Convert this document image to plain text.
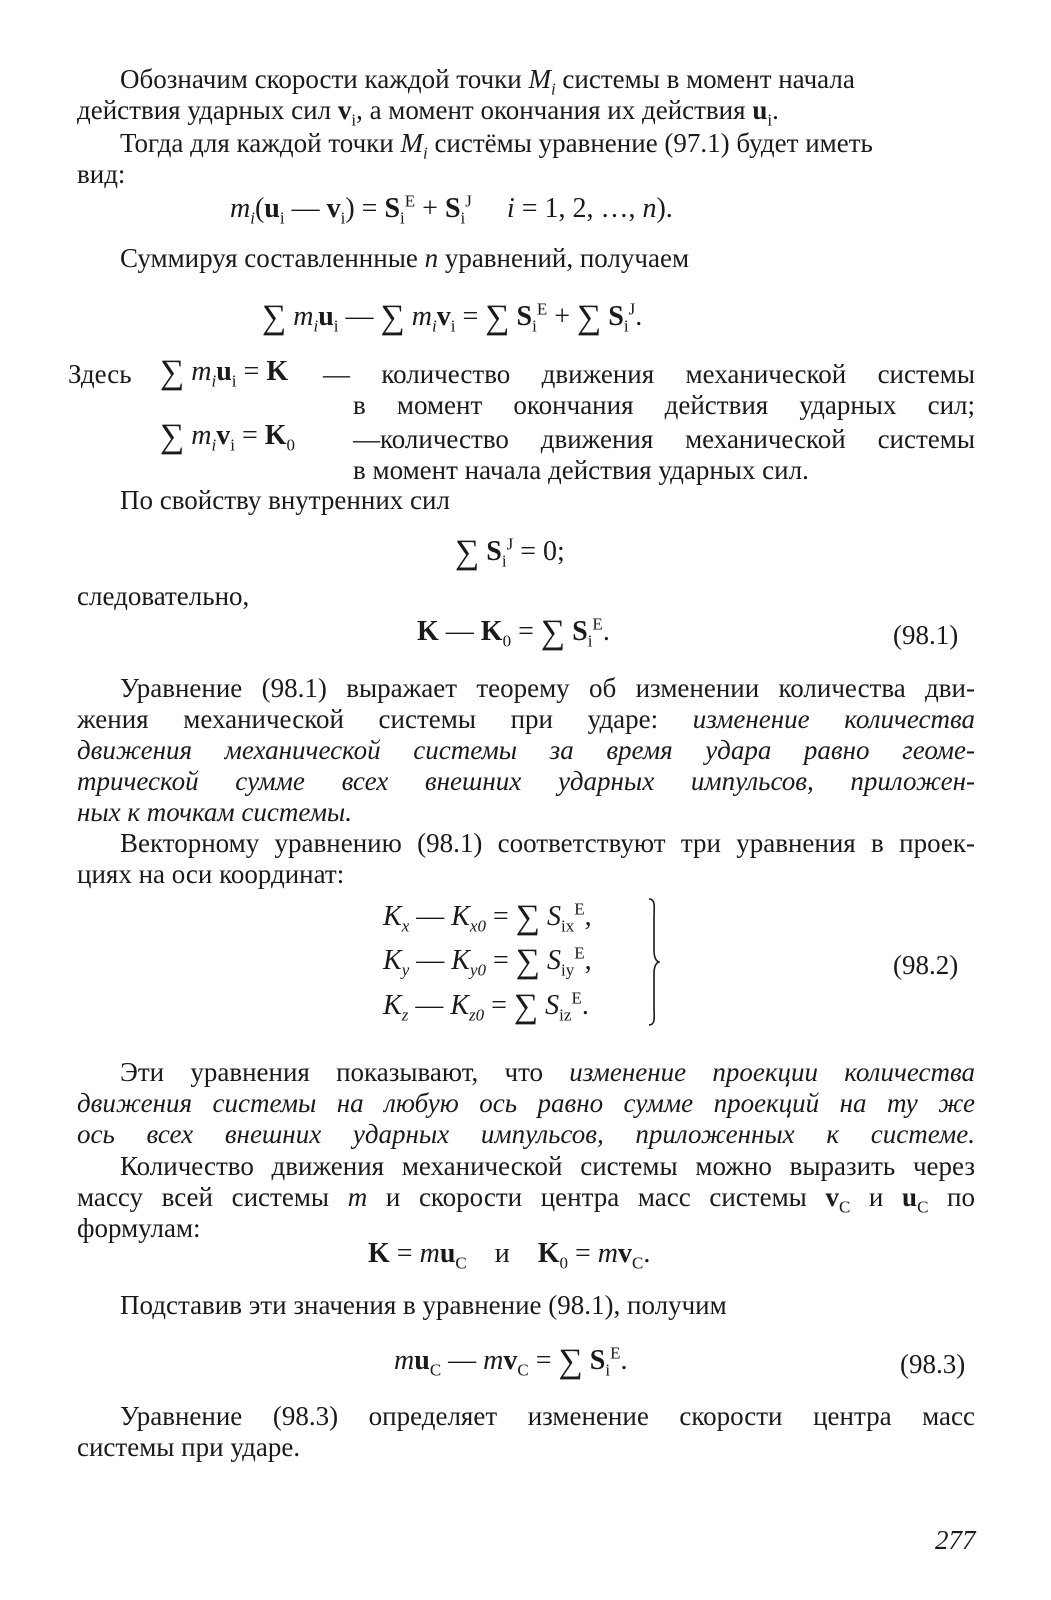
Обозначим скорости каждой точки $M_i$ системы в момент начала
действия ударных сил $v_i$, а момент окончания их действия $u_i$.
Тогда для каждой точки $M_i$ систёмы уравнение (97.1) будет иметь
вид:
$m_i(u_i$ — $v_i) = S_i^E + S_i^J$ i = 1, 2, …, n).
Суммируя составленнные n уравнений, получаем
∑ $m_iu_i$ — ∑ $m_iv_i$ = ∑ $S_i^E$ + ∑ $S_i^J$.
Здесь ∑ $m_iu_i = K$ — количество движения механической системы
в момент окончания действия ударных сил;
∑ $m_iv_i = K_0$ —количество движения механической системы
в момент начала действия ударных сил.
По свойству внутренних сил
∑ $S_i^J = 0$;
следовательно,
K — $K_0$ = ∑ $S_i^E$.	(98.1)
Уравнение (98.1) выражает теорему об изменении количества дви-
жения механической системы при ударе: изменение количества
движения механической системы за время удара равно геоме-
трической сумме всех внешних ударных импульсов, приложен-
ных к точкам системы.
Векторному уравнению (98.1) соответствуют три уравнения в проек-
циях на оси координат:
$K_x$ — $K_{x0}$ = ∑ $S_{ix}^E$,
$K_y$ — $K_{y0}$ = ∑ $S_{iy}^E$,
$K_z$ — $K_{z0}$ = ∑ $S_{iz}^E$.
(98.2)
Эти уравнения показывают, что изменение проекции количества
движения системы на любую ось равно сумме проекций на ту же
ось всех внешних ударных импульсов, приложенных к системе.
Количество движения механической системы можно выразить через
массу всей системы m и скорости центра масс системы $v_C$ и $u_C$ по
формулам:
$K = mu_C$    и    $K_0 = mv_C$.
Подставив эти значения в уравнение (98.1), получим
$mu_C$ — $mv_C$ = ∑ $S_i^E$.	(98.3)
Уравнение (98.3) определяет изменение скорости центра масс
системы при ударе.
277
